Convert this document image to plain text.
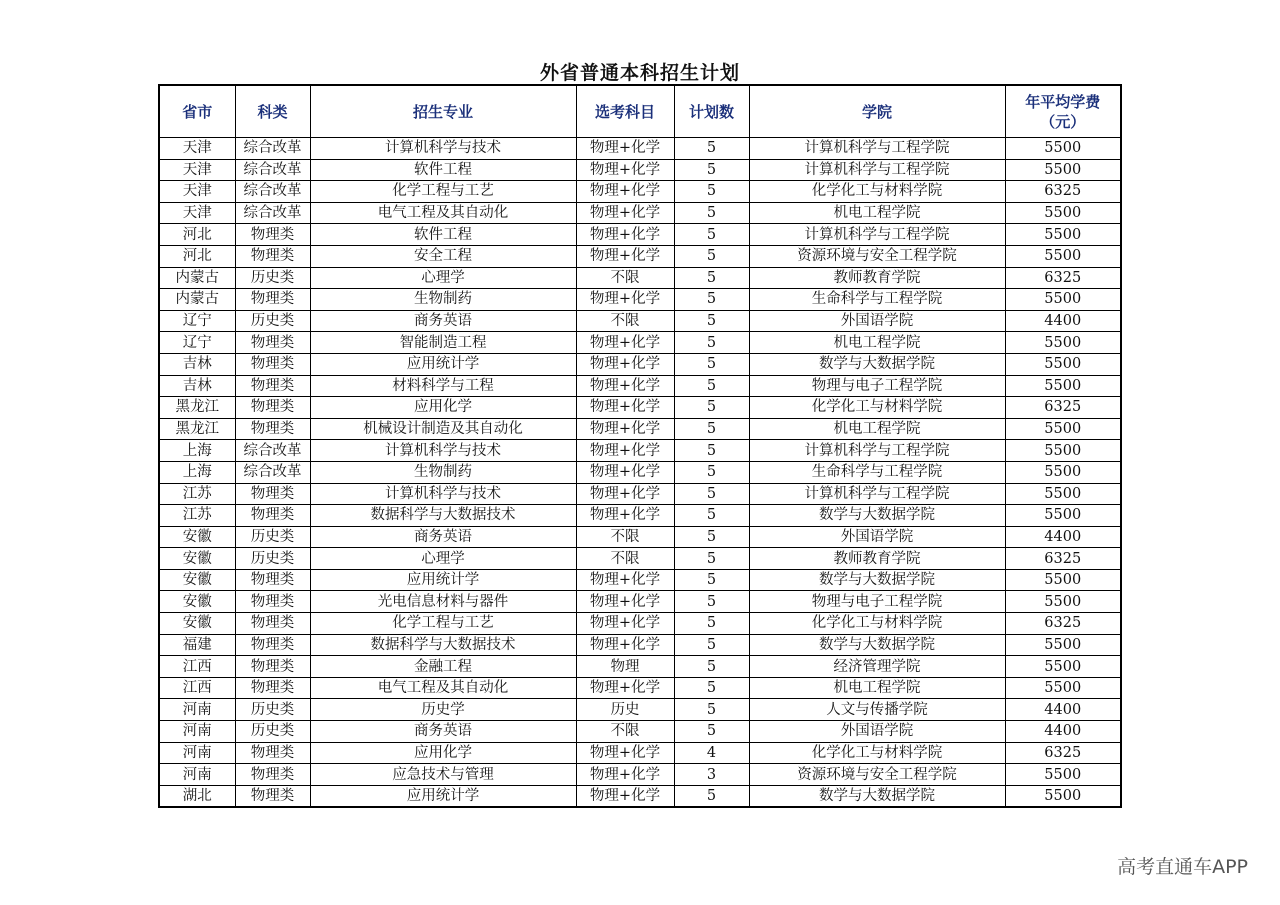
外省普通本科招生计划
省市	科类	招生专业	选考科目	计划数	学院	年平均学费（元）
天津	综合改革	计算机科学与技术	物理+化学	5	计算机科学与工程学院	5500
天津	综合改革	软件工程	物理+化学	5	计算机科学与工程学院	5500
天津	综合改革	化学工程与工艺	物理+化学	5	化学化工与材料学院	6325
天津	综合改革	电气工程及其自动化	物理+化学	5	机电工程学院	5500
河北	物理类	软件工程	物理+化学	5	计算机科学与工程学院	5500
河北	物理类	安全工程	物理+化学	5	资源环境与安全工程学院	5500
内蒙古	历史类	心理学	不限	5	教师教育学院	6325
内蒙古	物理类	生物制药	物理+化学	5	生命科学与工程学院	5500
辽宁	历史类	商务英语	不限	5	外国语学院	4400
辽宁	物理类	智能制造工程	物理+化学	5	机电工程学院	5500
吉林	物理类	应用统计学	物理+化学	5	数学与大数据学院	5500
吉林	物理类	材料科学与工程	物理+化学	5	物理与电子工程学院	5500
黑龙江	物理类	应用化学	物理+化学	5	化学化工与材料学院	6325
黑龙江	物理类	机械设计制造及其自动化	物理+化学	5	机电工程学院	5500
上海	综合改革	计算机科学与技术	物理+化学	5	计算机科学与工程学院	5500
上海	综合改革	生物制药	物理+化学	5	生命科学与工程学院	5500
江苏	物理类	计算机科学与技术	物理+化学	5	计算机科学与工程学院	5500
江苏	物理类	数据科学与大数据技术	物理+化学	5	数学与大数据学院	5500
安徽	历史类	商务英语	不限	5	外国语学院	4400
安徽	历史类	心理学	不限	5	教师教育学院	6325
安徽	物理类	应用统计学	物理+化学	5	数学与大数据学院	5500
安徽	物理类	光电信息材料与器件	物理+化学	5	物理与电子工程学院	5500
安徽	物理类	化学工程与工艺	物理+化学	5	化学化工与材料学院	6325
福建	物理类	数据科学与大数据技术	物理+化学	5	数学与大数据学院	5500
江西	物理类	金融工程	物理	5	经济管理学院	5500
江西	物理类	电气工程及其自动化	物理+化学	5	机电工程学院	5500
河南	历史类	历史学	历史	5	人文与传播学院	4400
河南	历史类	商务英语	不限	5	外国语学院	4400
河南	物理类	应用化学	物理+化学	4	化学化工与材料学院	6325
河南	物理类	应急技术与管理	物理+化学	3	资源环境与安全工程学院	5500
湖北	物理类	应用统计学	物理+化学	5	数学与大数据学院	5500
高考直通车APP
